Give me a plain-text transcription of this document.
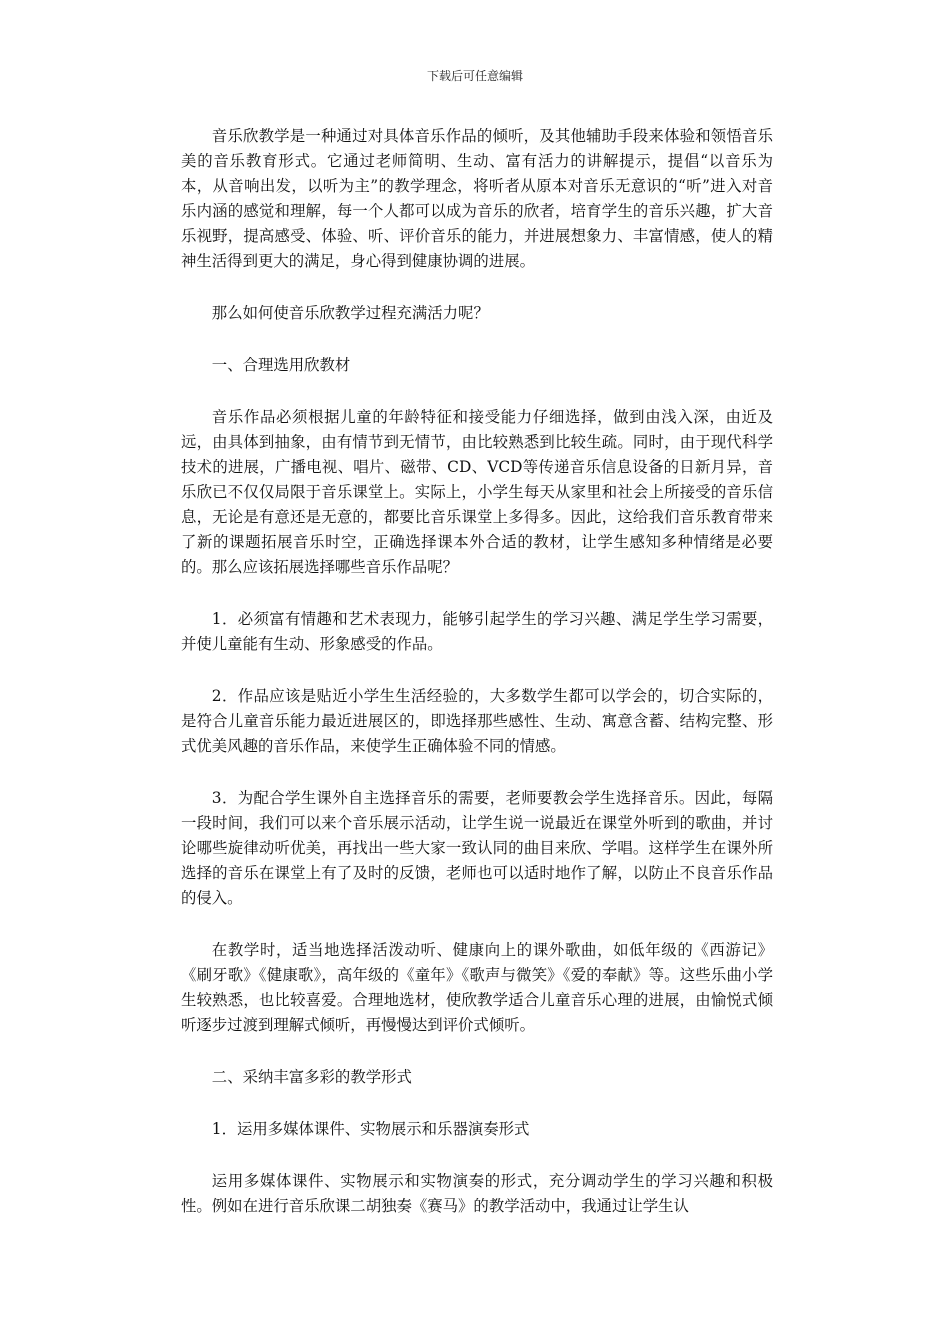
下载后可任意编辑

音乐欣教学是一种通过对具体音乐作品的倾听，及其他辅助手段来体验和领悟音乐美的音乐教育形式。它通过老师简明、生动、富有活力的讲解提示，提倡“以音乐为本，从音响出发，以听为主”的教学理念，将听者从原本对音乐无意识的“听”进入对音乐内涵的感觉和理解，每一个人都可以成为音乐的欣者，培育学生的音乐兴趣，扩大音乐视野，提高感受、体验、听、评价音乐的能力，并进展想象力、丰富情感，使人的精神生活得到更大的满足，身心得到健康协调的进展。

那么如何使音乐欣教学过程充满活力呢？

一、合理选用欣教材

音乐作品必须根据儿童的年龄特征和接受能力仔细选择，做到由浅入深，由近及远，由具体到抽象，由有情节到无情节，由比较熟悉到比较生疏。同时，由于现代科学技术的进展，广播电视、唱片、磁带、CD、VCD等传递音乐信息设备的日新月异，音乐欣已不仅仅局限于音乐课堂上。实际上，小学生每天从家里和社会上所接受的音乐信息，无论是有意还是无意的，都要比音乐课堂上多得多。因此，这给我们音乐教育带来了新的课题拓展音乐时空，正确选择课本外合适的教材，让学生感知多种情绪是必要的。那么应该拓展选择哪些音乐作品呢？

1．必须富有情趣和艺术表现力，能够引起学生的学习兴趣、满足学生学习需要，并使儿童能有生动、形象感受的作品。

2．作品应该是贴近小学生生活经验的，大多数学生都可以学会的，切合实际的，是符合儿童音乐能力最近进展区的，即选择那些感性、生动、寓意含蓄、结构完整、形式优美风趣的音乐作品，来使学生正确体验不同的情感。

3．为配合学生课外自主选择音乐的需要，老师要教会学生选择音乐。因此，每隔一段时间，我们可以来个音乐展示活动，让学生说一说最近在课堂外听到的歌曲，并讨论哪些旋律动听优美，再找出一些大家一致认同的曲目来欣、学唱。这样学生在课外所选择的音乐在课堂上有了及时的反馈，老师也可以适时地作了解，以防止不良音乐作品的侵入。

在教学时，适当地选择活泼动听、健康向上的课外歌曲，如低年级的《西游记》《刷牙歌》《健康歌》，高年级的《童年》《歌声与微笑》《爱的奉献》等。这些乐曲小学生较熟悉，也比较喜爱。合理地选材，使欣教学适合儿童音乐心理的进展，由愉悦式倾听逐步过渡到理解式倾听，再慢慢达到评价式倾听。

二、采纳丰富多彩的教学形式

1．运用多媒体课件、实物展示和乐器演奏形式

运用多媒体课件、实物展示和实物演奏的形式，充分调动学生的学习兴趣和积极性。例如在进行音乐欣课二胡独奏《赛马》的教学活动中，我通过让学生认
